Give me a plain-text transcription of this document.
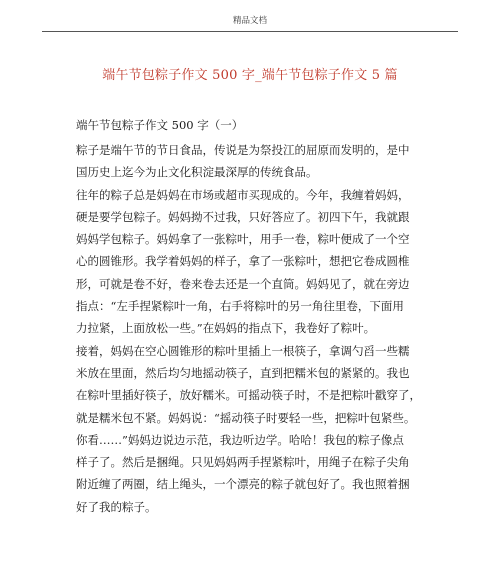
精品文档
端午节包粽子作文 500 字_端午节包粽子作文 5 篇
端午节包粽子作文 500 字（一）
粽子是端午节的节日食品，传说是为祭投江的屈原而发明的，是中
国历史上迄今为止文化积淀最深厚的传统食品。
往年的粽子总是妈妈在市场或超市买现成的。今年，我缠着妈妈，
硬是要学包粽子。妈妈拗不过我，只好答应了。初四下午，我就跟
妈妈学包粽子。妈妈拿了一张粽叶，用手一卷，粽叶便成了一个空
心的圆锥形。我学着妈妈的样子，拿了一张粽叶，想把它卷成圆椎
形，可就是卷不好，卷来卷去还是一个直筒。妈妈见了，就在旁边
指点：“左手捏紧粽叶一角，右手将粽叶的另一角往里卷，下面用
力拉紧，上面放松一些。”在妈妈的指点下，我卷好了粽叶。
接着，妈妈在空心圆锥形的粽叶里插上一根筷子，拿调勺舀一些糯
米放在里面，然后均匀地摇动筷子，直到把糯米包的紧紧的。我也
在粽叶里插好筷子，放好糯米。可摇动筷子时，不是把粽叶戳穿了，
就是糯米包不紧。妈妈说：“摇动筷子时要轻一些，把粽叶包紧些。
你看……”妈妈边说边示范，我边听边学。哈哈！我包的粽子像点
样子了。然后是捆绳。只见妈妈两手捏紧粽叶，用绳子在粽子尖角
附近缠了两圈，结上绳头，一个漂亮的粽子就包好了。我也照着捆
好了我的粽子。
